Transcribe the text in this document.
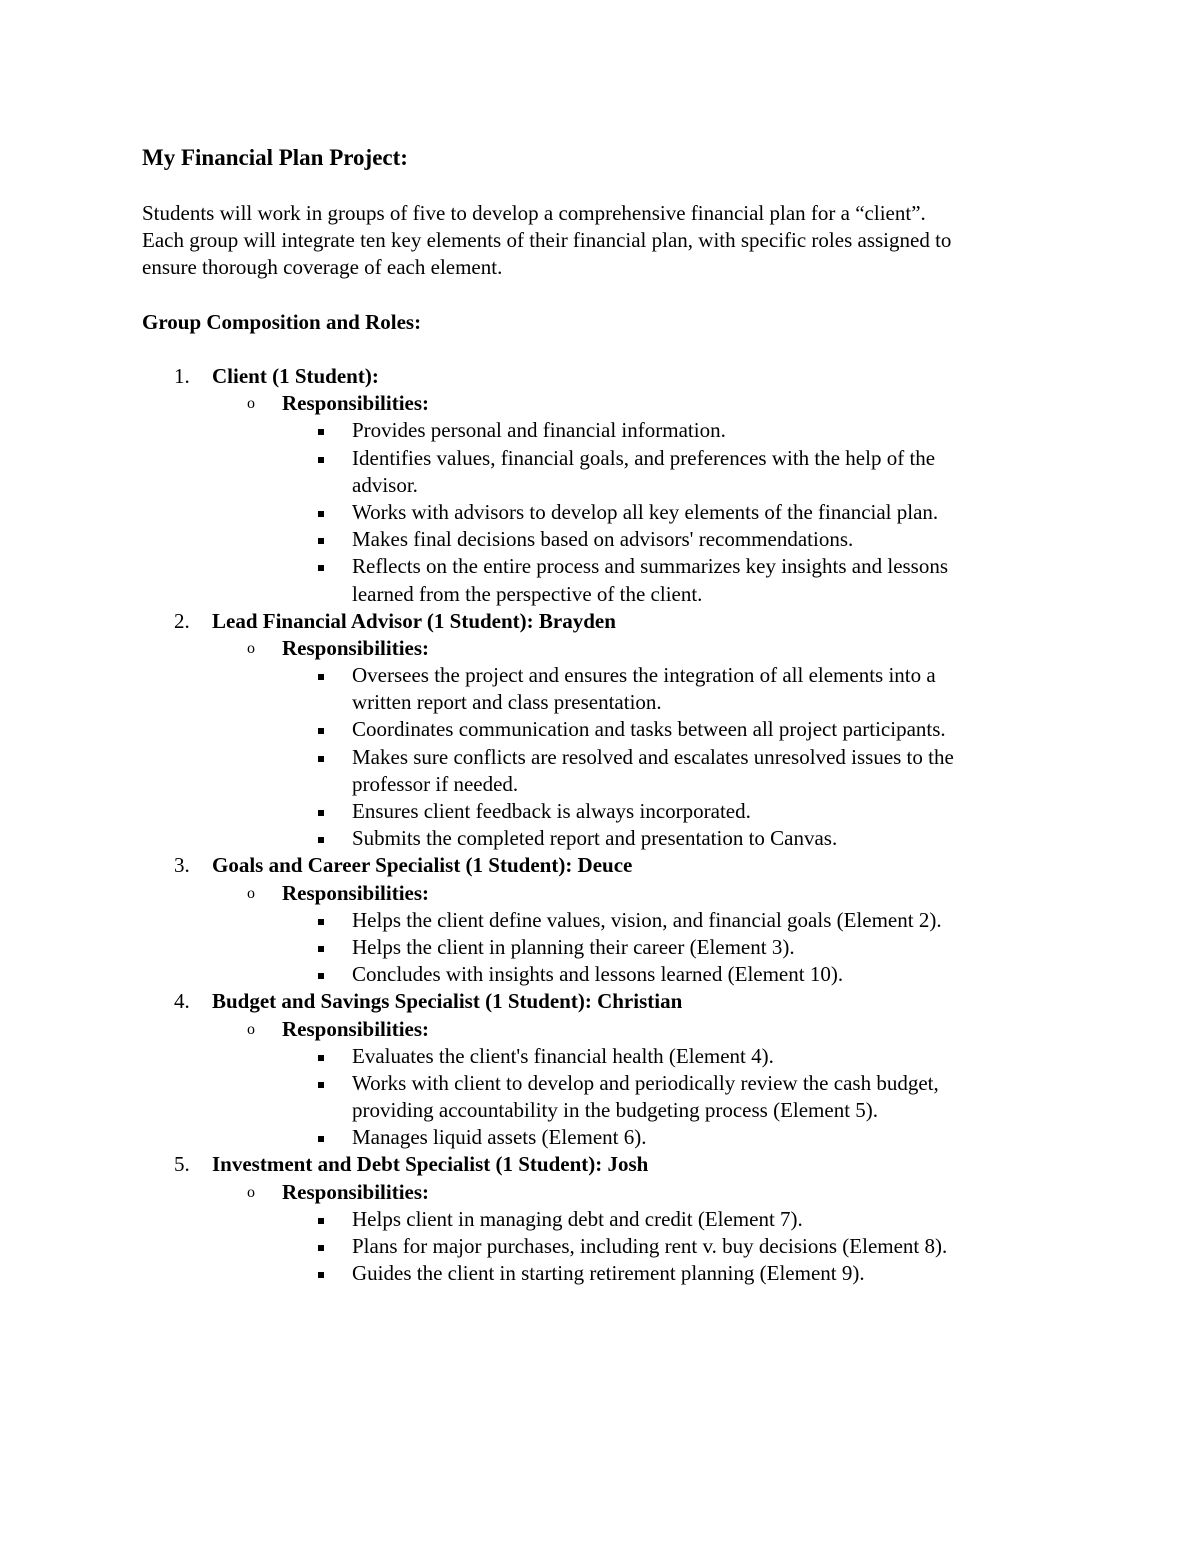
My Financial Plan Project:
Students will work in groups of five to develop a comprehensive financial plan for a “client”.
Each group will integrate ten key elements of their financial plan, with specific roles assigned to
ensure thorough coverage of each element.
Group Composition and Roles:
1. Client (1 Student):
o Responsibilities:
Provides personal and financial information.
Identifies values, financial goals, and preferences with the help of the
advisor.
Works with advisors to develop all key elements of the financial plan.
Makes final decisions based on advisors' recommendations.
Reflects on the entire process and summarizes key insights and lessons
learned from the perspective of the client.
2. Lead Financial Advisor (1 Student): Brayden
o Responsibilities:
Oversees the project and ensures the integration of all elements into a
written report and class presentation.
Coordinates communication and tasks between all project participants.
Makes sure conflicts are resolved and escalates unresolved issues to the
professor if needed.
Ensures client feedback is always incorporated.
Submits the completed report and presentation to Canvas.
3. Goals and Career Specialist (1 Student): Deuce
o Responsibilities:
Helps the client define values, vision, and financial goals (Element 2).
Helps the client in planning their career (Element 3).
Concludes with insights and lessons learned (Element 10).
4. Budget and Savings Specialist (1 Student): Christian
o Responsibilities:
Evaluates the client's financial health (Element 4).
Works with client to develop and periodically review the cash budget,
providing accountability in the budgeting process (Element 5).
Manages liquid assets (Element 6).
5. Investment and Debt Specialist (1 Student): Josh
o Responsibilities:
Helps client in managing debt and credit (Element 7).
Plans for major purchases, including rent v. buy decisions (Element 8).
Guides the client in starting retirement planning (Element 9).
